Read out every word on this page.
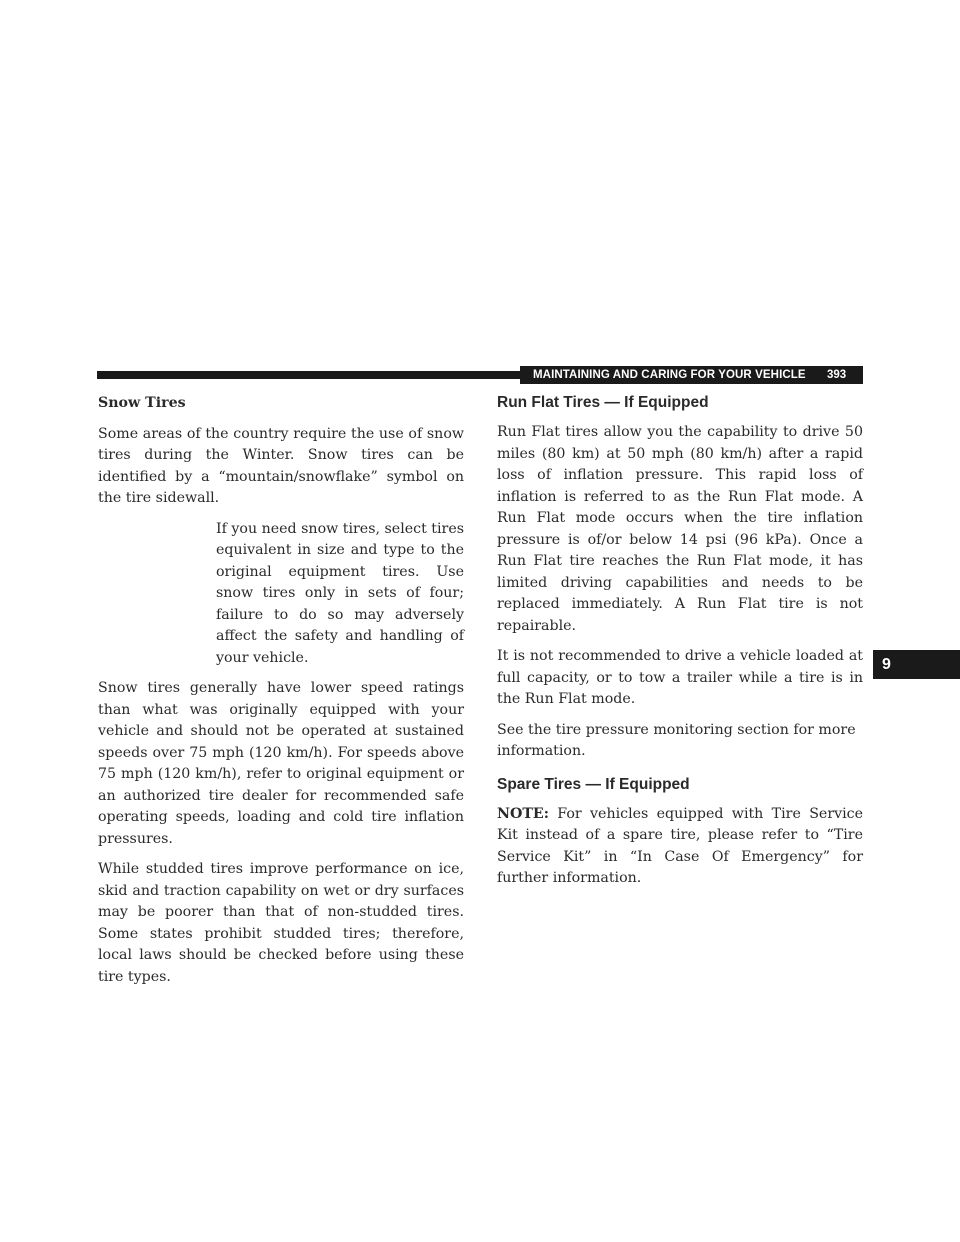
MAINTAINING AND CARING FOR YOUR VEHICLE 393
9
Snow Tires

Some areas of the country require the use of snow tires during the Winter. Snow tires can be identified by a “mountain/snowflake” symbol on the tire sidewall.

If you need snow tires, select tires equivalent in size and type to the original equipment tires. Use snow tires only in sets of four; failure to do so may adversely affect the safety and handling of your vehicle.

Snow tires generally have lower speed ratings than what was originally equipped with your vehicle and should not be operated at sustained speeds over 75 mph (120 km/h). For speeds above 75 mph (120 km/h), refer to original equipment or an authorized tire dealer for recommended safe operating speeds, loading and cold tire inflation pressures.

While studded tires improve performance on ice, skid and traction capability on wet or dry surfaces may be poorer than that of non-studded tires. Some states prohibit studded tires; therefore, local laws should be checked before using these tire types.

Run Flat Tires — If Equipped

Run Flat tires allow you the capability to drive 50 miles (80 km) at 50 mph (80 km/h) after a rapid loss of inflation pressure. This rapid loss of inflation is referred to as the Run Flat mode. A Run Flat mode occurs when the tire inflation pressure is of/or below 14 psi (96 kPa). Once a Run Flat tire reaches the Run Flat mode, it has limited driving capabilities and needs to be replaced immediately. A Run Flat tire is not repairable.

It is not recommended to drive a vehicle loaded at full capacity, or to tow a trailer while a tire is in the Run Flat mode.

See the tire pressure monitoring section for more information.

Spare Tires — If Equipped

NOTE: For vehicles equipped with Tire Service Kit instead of a spare tire, please refer to “Tire Service Kit” in “In Case Of Emergency” for further information.
